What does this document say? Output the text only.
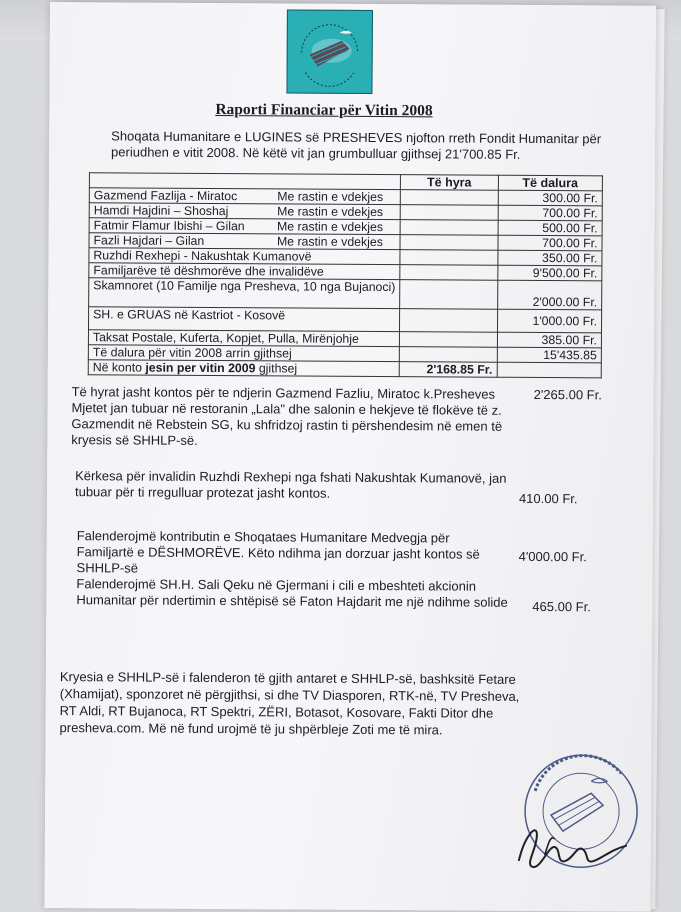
Raporti Financiar për Vitin 2008
Shoqata Humanitare e LUGINES së PRESHEVES njofton rreth Fondit Humanitar për periudhen e vitit 2008. Në këtë vit jan grumbulluar gjithsej 21'700.85 Fr.
	Të hyra	Të dalura
Gazmend Fazlija - Miratoc Me rastin e vdekjes		300.00 Fr.
Hamdi Hajdini – Shoshaj Me rastin e vdekjes		700.00 Fr.
Fatmir Flamur Ibishi – Gilan Me rastin e vdekjes		500.00 Fr.
Fazli Hajdari – Gilan Me rastin e vdekjes		700.00 Fr.
Ruzhdi Rexhepi - Nakushtak Kumanovë		350.00 Fr.
Familjarëve të dëshmorëve dhe invalidëve		9'500.00 Fr.
Skamnoret (10 Familje nga Presheva, 10 nga Bujanoci)		2'000.00 Fr.
SH. e GRUAS në Kastriot - Kosovë		1'000.00 Fr.
Taksat Postale, Kuferta, Kopjet, Pulla, Mirënjohje		385.00 Fr.
Të dalura për vitin 2008 arrin gjithsej		15'435.85
Në konto jesin per vitin 2009 gjithsej	2'168.85 Fr.	
Të hyrat jasht kontos për te ndjerin Gazmend Fazliu, Miratoc k.Presheves Mjetet jan tubuar në restoranin „Lala" dhe salonin e hekjeve të flokëve të z. Gazmendit në Rebstein SG, ku shfridzoj rastin ti përshendesim në emen të kryesis së SHHLP-së.
2'265.00 Fr.
Kërkesa për invalidin Ruzhdi Rexhepi nga fshati Nakushtak Kumanovë, jan tubuar për ti rregulluar protezat jasht kontos.	410.00 Fr.
Falenderojmë kontributin e Shoqataes Humanitare Medvegja për Familjartë e DËSHMORËVE. Këto ndihma jan dorzuar jasht kontos së SHHLP-së
4'000.00 Fr.
Falenderojmë SH.H. Sali Qeku në Gjermani i cili e mbeshteti akcionin Humanitar për ndertimin e shtëpisë së Faton Hajdarit me një ndihme solide	465.00 Fr.
Kryesia e SHHLP-së i falenderon të gjith antaret e SHHLP-së, bashksitë Fetare (Xhamijat), sponzoret në përgjithsi, si dhe TV Diasporen, RTK-në, TV Presheva, RT Aldi, RT Bujanoca, RT Spektri, ZËRI, Botasot, Kosovare, Fakti Ditor dhe presheva.com. Më në fund urojmë të ju shpërbleje Zoti me të mira.
